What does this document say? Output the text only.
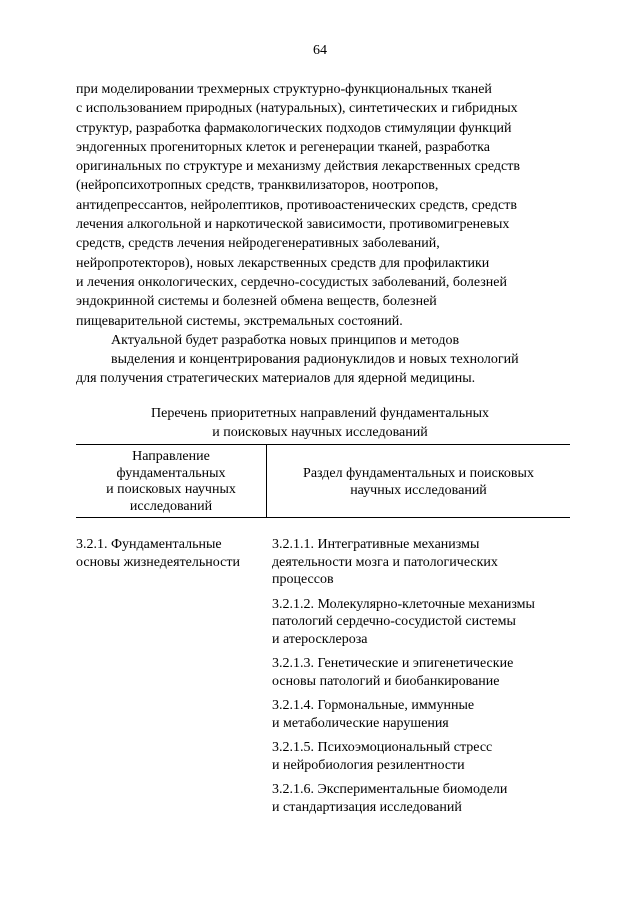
64

при моделировании трехмерных структурно-функциональных тканей
с использованием природных (натуральных), синтетических и гибридных
структур, разработка фармакологических подходов стимуляции функций
эндогенных прогениторных клеток и регенерации тканей, разработка
оригинальных по структуре и механизму действия лекарственных средств
(нейропсихотропных средств, транквилизаторов, ноотропов,
антидепрессантов, нейролептиков, противоастенических средств, средств
лечения алкогольной и наркотической зависимости, противомигреневых
средств, средств лечения нейродегенеративных заболеваний,
нейропротекторов), новых лекарственных средств для профилактики
и лечения онкологических, сердечно-сосудистых заболеваний, болезней
эндокринной системы и болезней обмена веществ, болезней
пищеварительной системы, экстремальных состояний.

Актуальной будет разработка новых принципов и методов
выделения и концентрирования радионуклидов и новых технологий
для получения стратегических материалов для ядерной медицины.

Перечень приоритетных направлений фундаментальных
и поисковых научных исследований
Направление
фундаментальных
и поисковых научных
исследований
Раздел фундаментальных и поисковых
научных исследований
3.2.1. Фундаментальные
основы жизнедеятельности
3.2.1.1. Интегративные механизмы
деятельности мозга и патологических
процессов
3.2.1.2. Молекулярно-клеточные механизмы
патологий сердечно-сосудистой системы
и атеросклероза
3.2.1.3. Генетические и эпигенетические
основы патологий и биобанкирование
3.2.1.4. Гормональные, иммунные
и метаболические нарушения
3.2.1.5. Психоэмоциональный стресс
и нейробиология резилентности
3.2.1.6. Экспериментальные биомодели
и стандартизация исследований
